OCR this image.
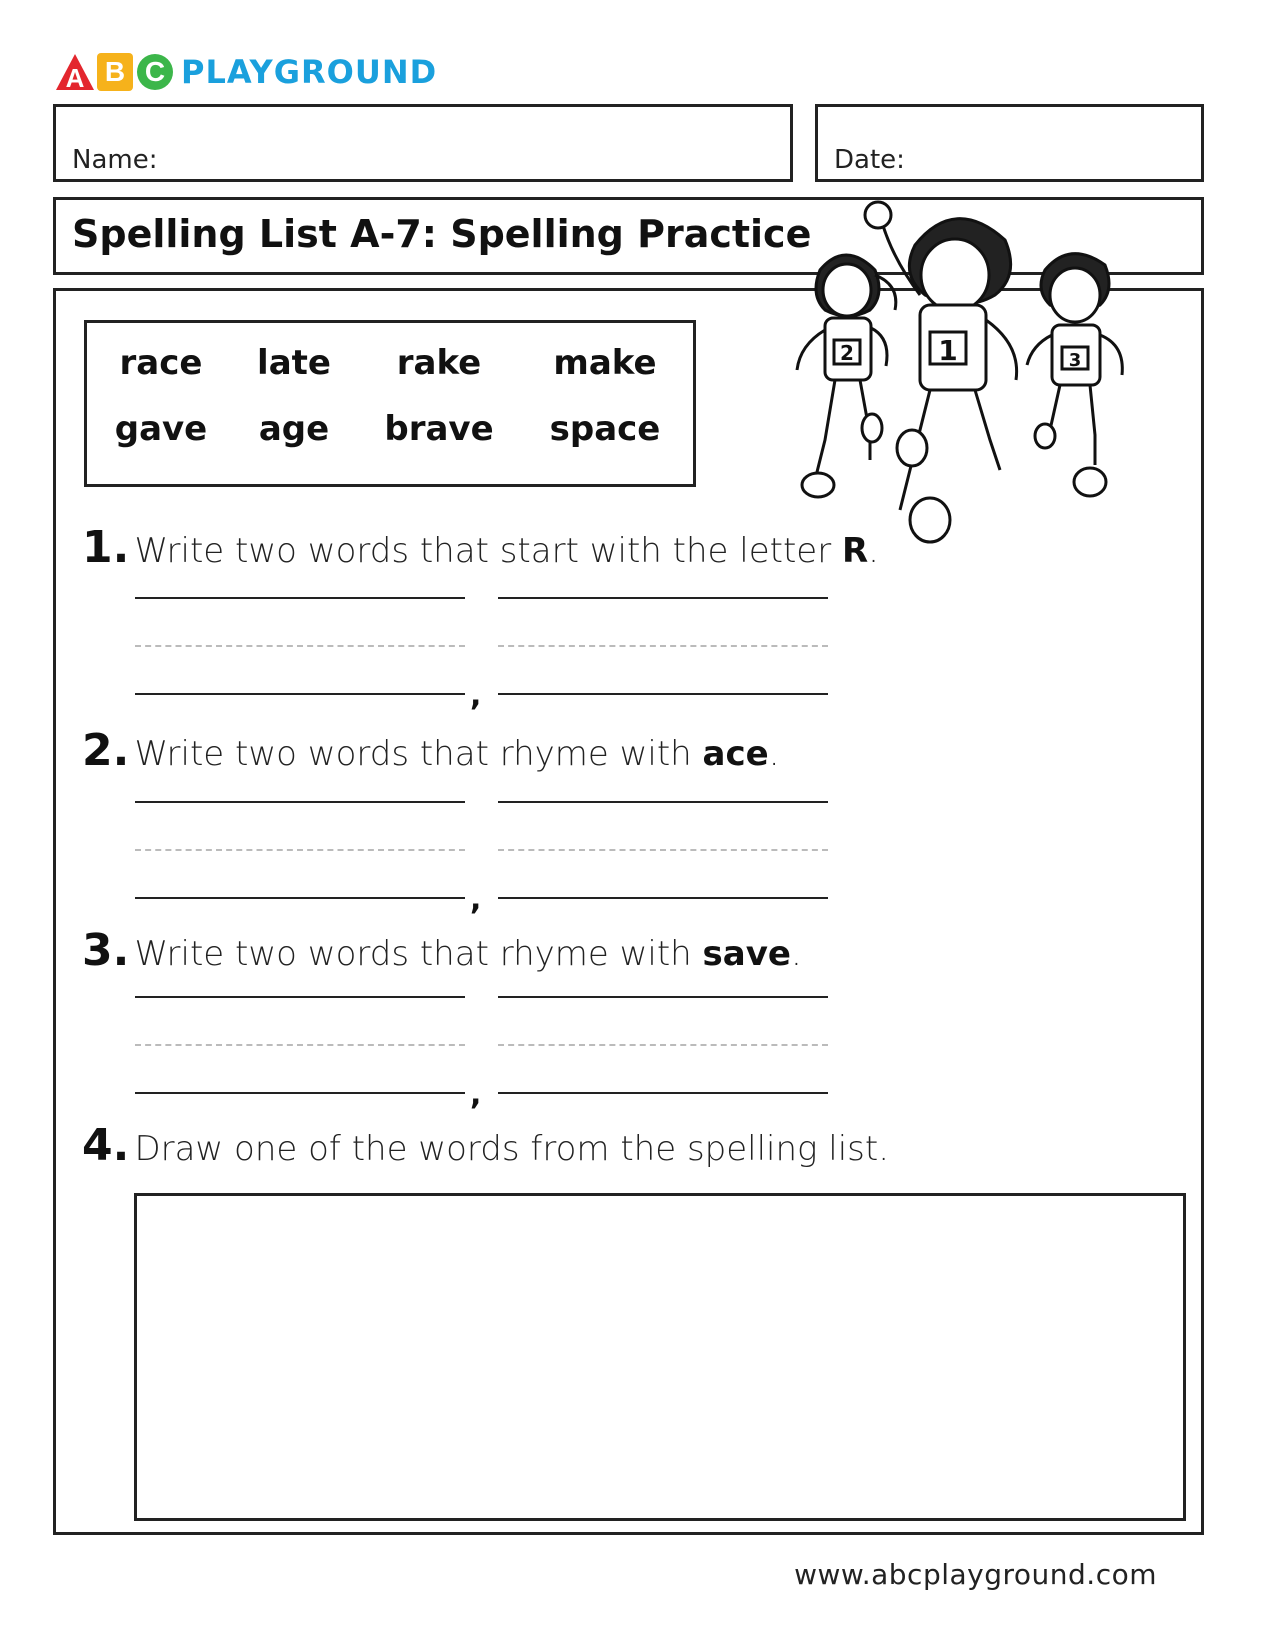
A B C PLAYGROUND
Name:	Date:
Spelling List A-7: Spelling Practice
2	1	3
race late rake make
gave age brave space
1. Write two words that start with the letter R.
,
2. Write two words that rhyme with ace.
,
3. Write two words that rhyme with save.
,
4. Draw one of the words from the spelling list.
www.abcplayground.com
